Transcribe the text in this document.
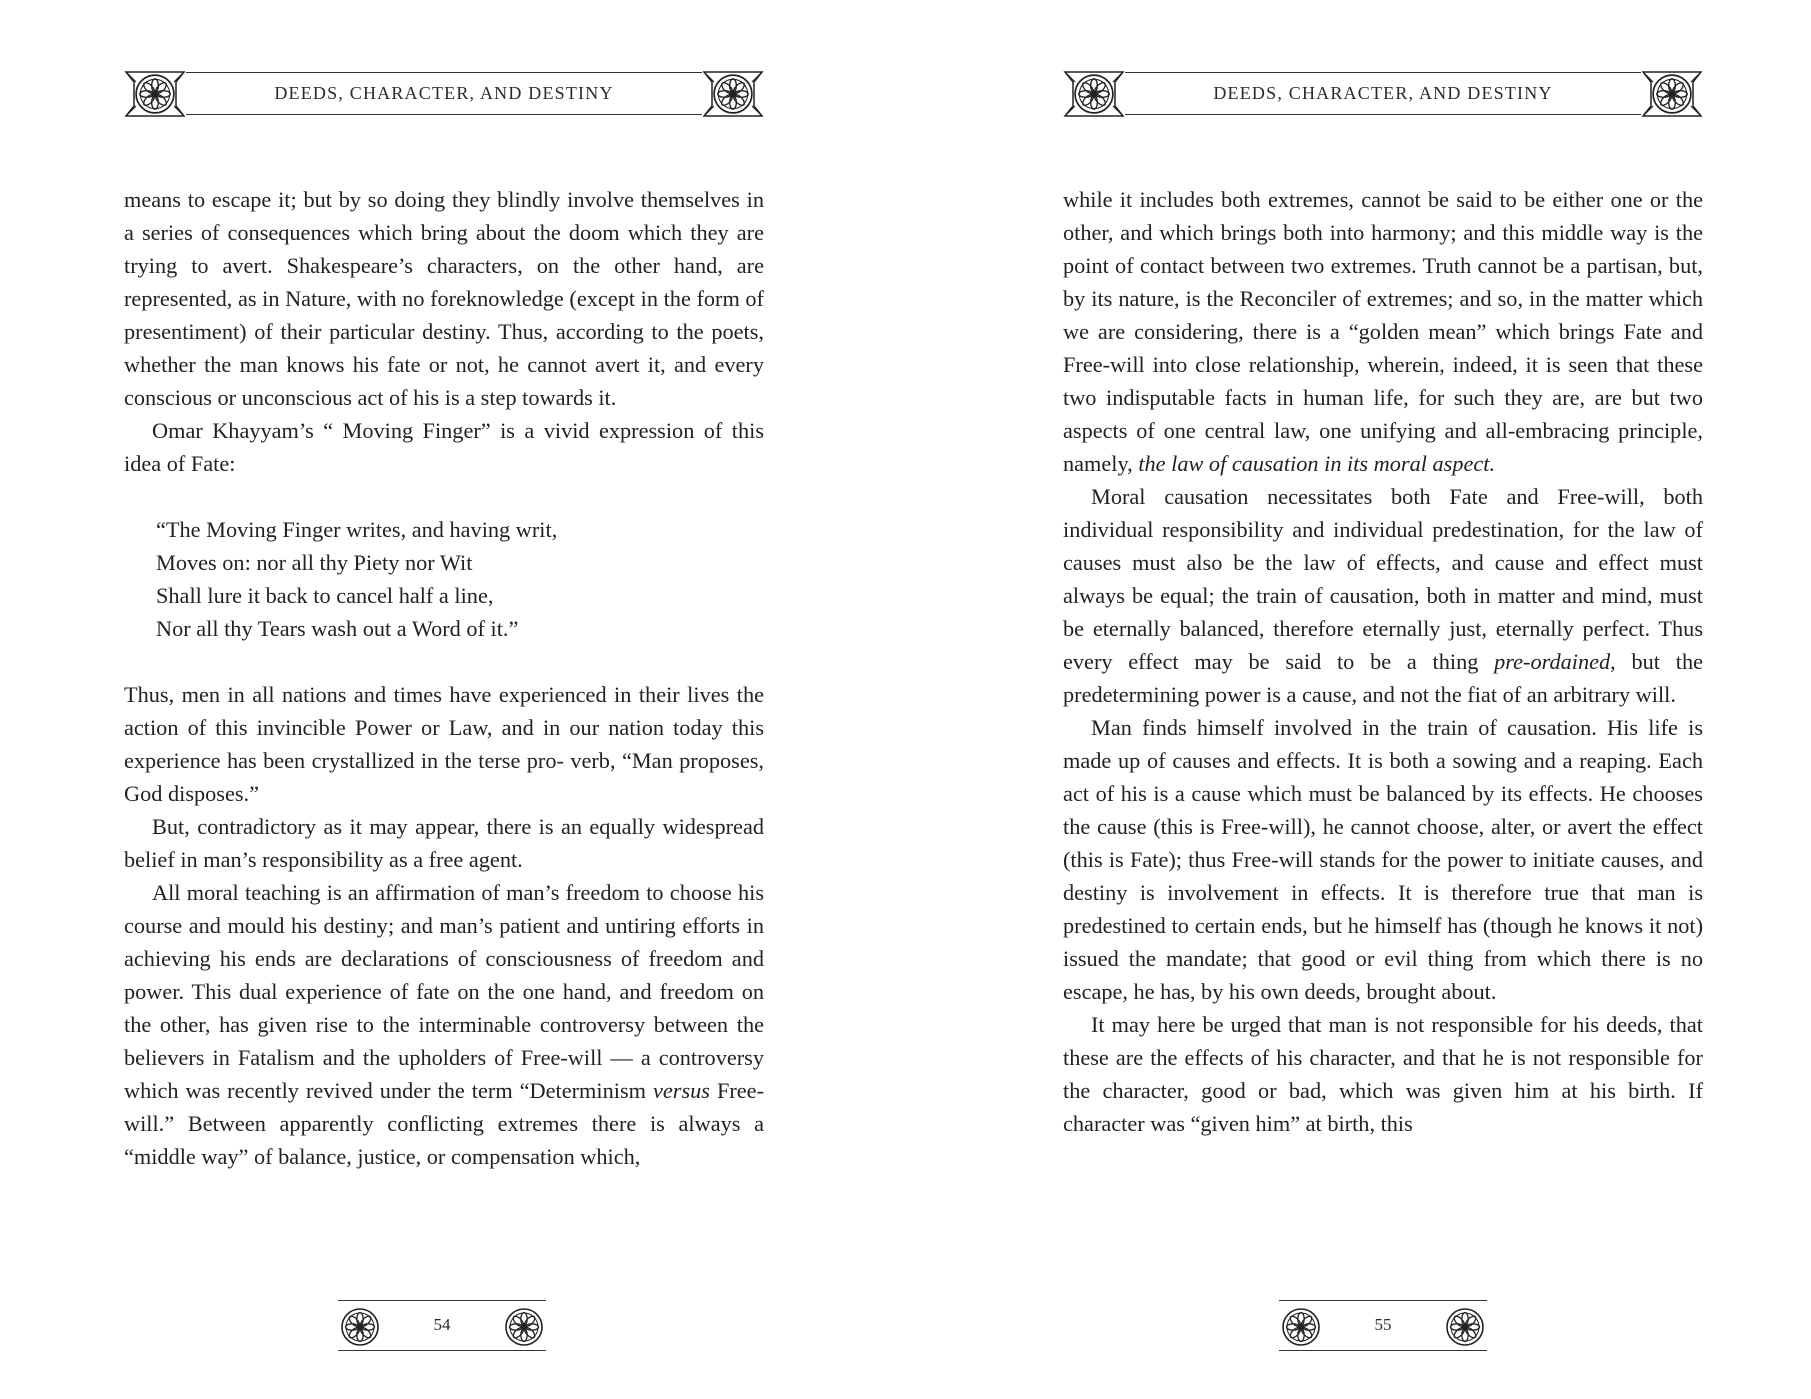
DEEDS, CHARACTER, AND DESTINY

means to escape it; but by so doing they blindly involve themselves in a series of consequences which bring about the doom which they are trying to avert. Shakespeare’s characters, on the other hand, are represented, as in Nature, with no foreknowledge (except in the form of presentiment) of their particular destiny. Thus, according to the poets, whether the man knows his fate or not, he cannot avert it, and every conscious or unconscious act of his is a step towards it.

Omar Khayyam’s “ Moving Finger” is a vivid expression of this idea of Fate:

“The Moving Finger writes, and having writ,
Moves on: nor all thy Piety nor Wit
Shall lure it back to cancel half a line,
Nor all thy Tears wash out a Word of it.”

Thus, men in all nations and times have experienced in their lives the action of this invincible Power or Law, and in our nation today this experience has been crystallized in the terse pro- verb, “Man proposes, God disposes.”

But, contradictory as it may appear, there is an equally widespread belief in man’s responsibility as a free agent.

All moral teaching is an affirmation of man’s freedom to choose his course and mould his destiny; and man’s patient and untiring efforts in achieving his ends are declarations of consciousness of freedom and power. This dual experience of fate on the one hand, and freedom on the other, has given rise to the interminable controversy between the believers in Fatalism and the upholders of Free-will — a controversy which was recently revived under the term “Determinism versus Free-will.” Between apparently conflicting extremes there is always a “middle way” of balance, justice, or compensation which,

54
DEEDS, CHARACTER, AND DESTINY

while it includes both extremes, cannot be said to be either one or the other, and which brings both into harmony; and this middle way is the point of contact between two extremes. Truth cannot be a partisan, but, by its nature, is the Reconciler of extremes; and so, in the matter which we are considering, there is a “golden mean” which brings Fate and Free-will into close relationship, wherein, indeed, it is seen that these two indisputable facts in human life, for such they are, are but two aspects of one central law, one unifying and all-embracing principle, namely, the law of causation in its moral aspect.

Moral causation necessitates both Fate and Free-will, both individual responsibility and individual predestination, for the law of causes must also be the law of effects, and cause and effect must always be equal; the train of causation, both in matter and mind, must be eternally balanced, therefore eternally just, eternally perfect. Thus every effect may be said to be a thing pre-ordained, but the predetermining power is a cause, and not the fiat of an arbitrary will.

Man finds himself involved in the train of causation. His life is made up of causes and effects. It is both a sowing and a reaping. Each act of his is a cause which must be balanced by its effects. He chooses the cause (this is Free-will), he cannot choose, alter, or avert the effect (this is Fate); thus Free-will stands for the power to initiate causes, and destiny is involvement in effects. It is therefore true that man is predestined to certain ends, but he himself has (though he knows it not) issued the mandate; that good or evil thing from which there is no escape, he has, by his own deeds, brought about.

It may here be urged that man is not responsible for his deeds, that these are the effects of his character, and that he is not responsible for the character, good or bad, which was given him at his birth. If character was “given him” at birth, this

55
